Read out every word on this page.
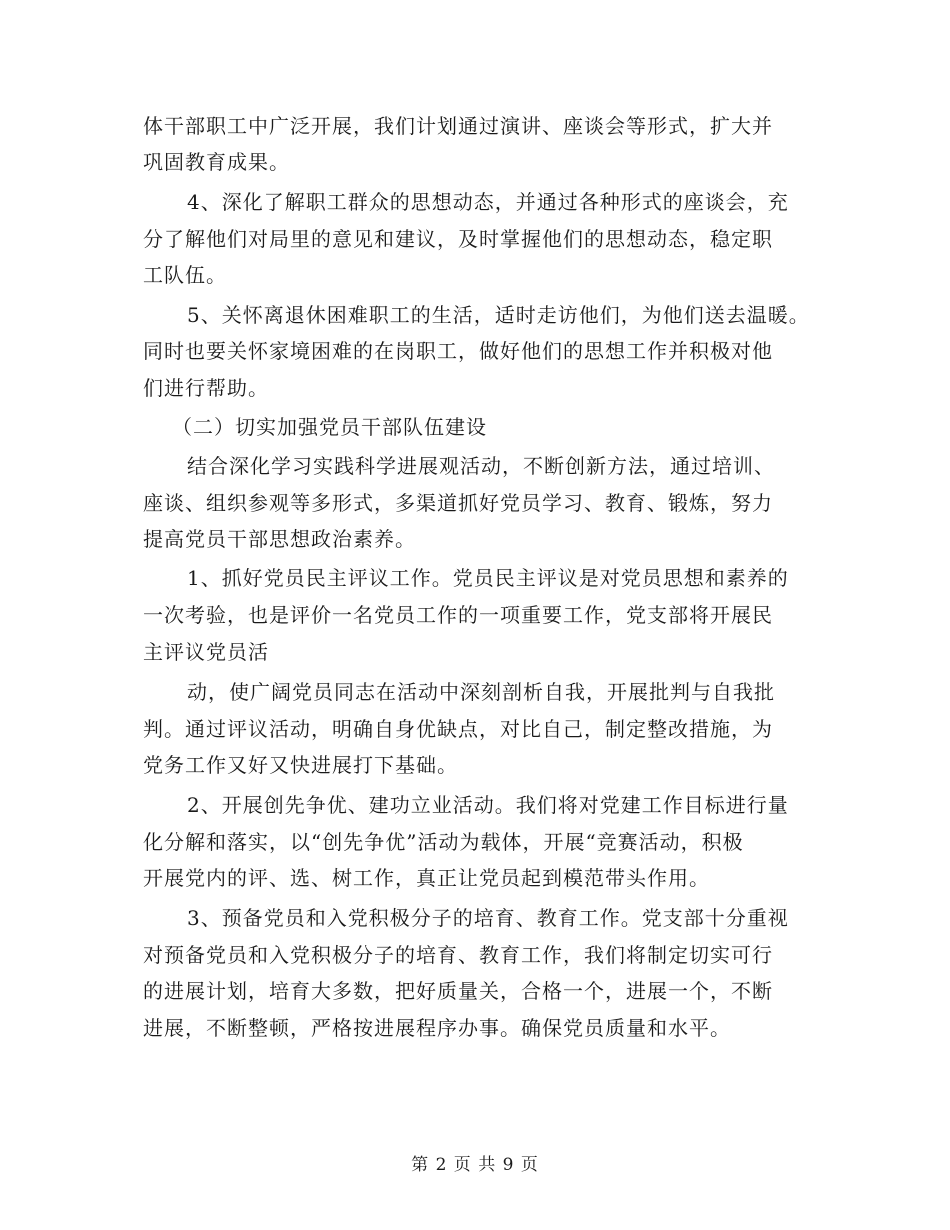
体干部职工中广泛开展，我们计划通过演讲、座谈会等形式，扩大并
巩固教育成果。
4、深化了解职工群众的思想动态，并通过各种形式的座谈会，充
分了解他们对局里的意见和建议，及时掌握他们的思想动态，稳定职
工队伍。
5、关怀离退休困难职工的生活，适时走访他们，为他们送去温暖。
同时也要关怀家境困难的在岗职工，做好他们的思想工作并积极对他
们进行帮助。
（二）切实加强党员干部队伍建设
结合深化学习实践科学进展观活动，不断创新方法，通过培训、
座谈、组织参观等多形式，多渠道抓好党员学习、教育、锻炼，努力
提高党员干部思想政治素养。
1、抓好党员民主评议工作。党员民主评议是对党员思想和素养的
一次考验，也是评价一名党员工作的一项重要工作，党支部将开展民
主评议党员活
动，使广阔党员同志在活动中深刻剖析自我，开展批判与自我批
判。通过评议活动，明确自身优缺点，对比自己，制定整改措施，为
党务工作又好又快进展打下基础。
2、开展创先争优、建功立业活动。我们将对党建工作目标进行量
化分解和落实，以“创先争优”活动为载体，开展“竞赛活动，积极
开展党内的评、选、树工作，真正让党员起到模范带头作用。
3、预备党员和入党积极分子的培育、教育工作。党支部十分重视
对预备党员和入党积极分子的培育、教育工作，我们将制定切实可行
的进展计划，培育大多数，把好质量关，合格一个，进展一个，不断
进展，不断整顿，严格按进展程序办事。确保党员质量和水平。
第 2 页 共 9 页
